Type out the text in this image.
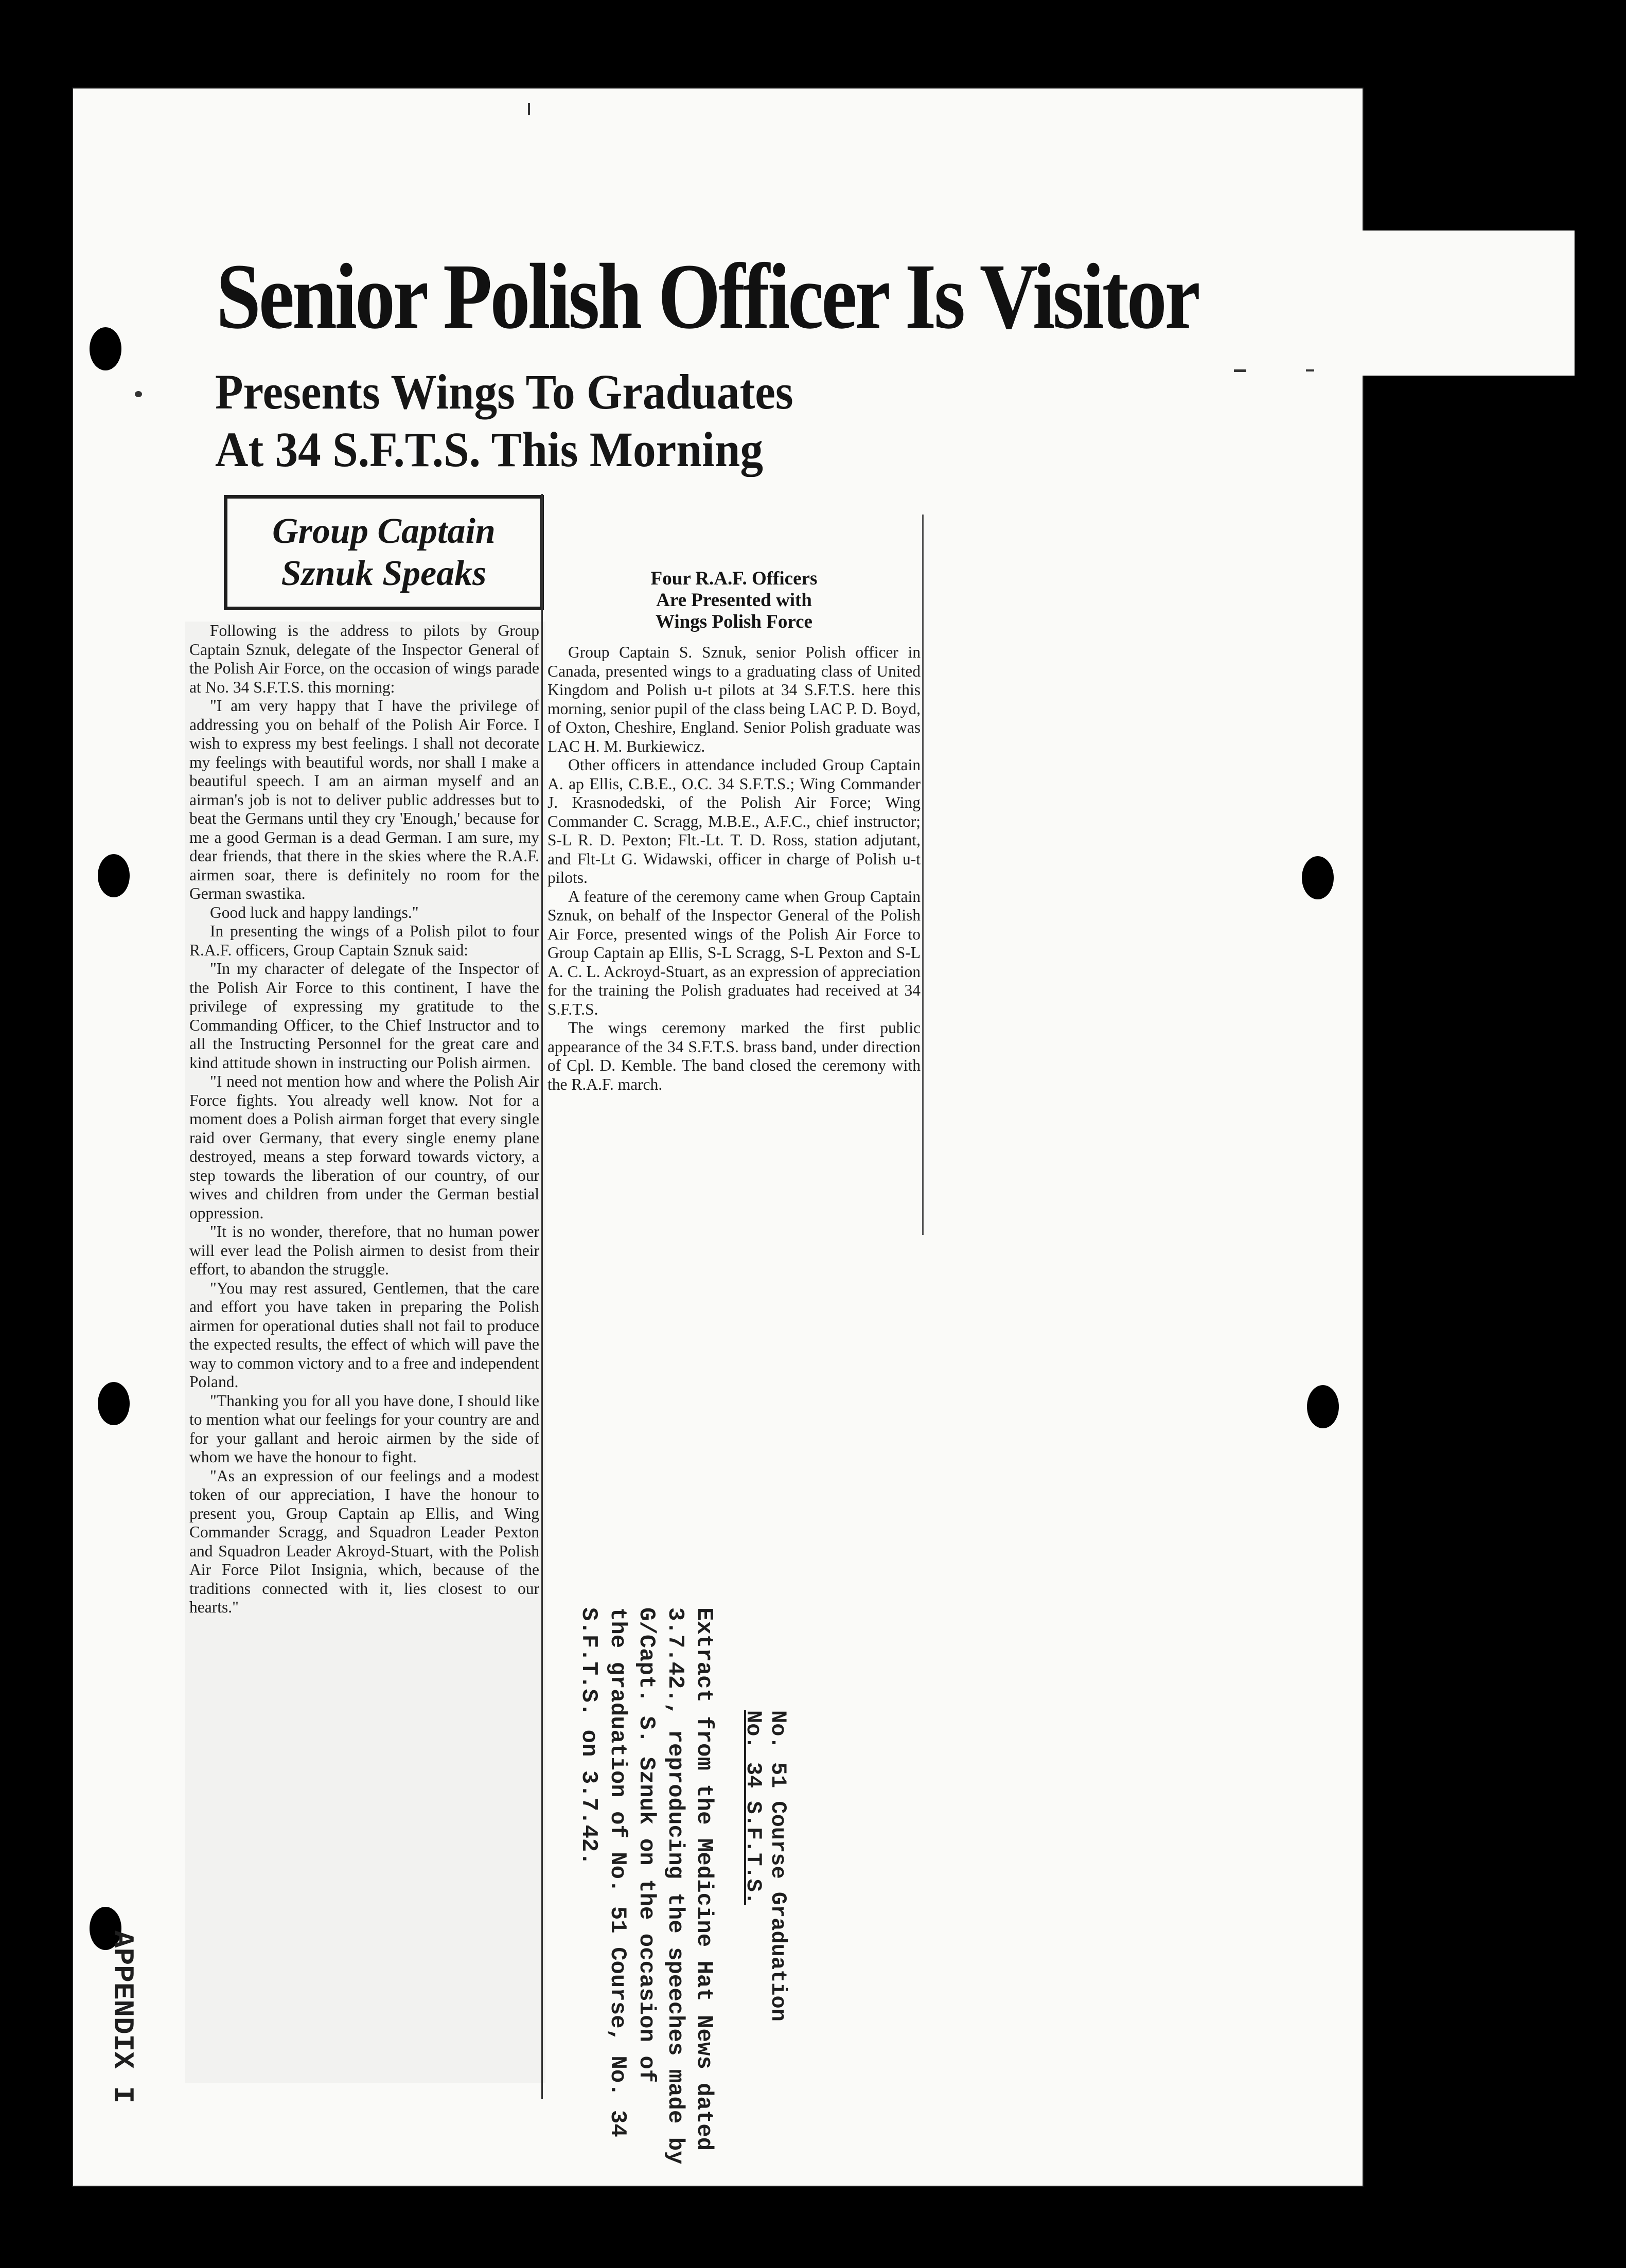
Senior Polish Officer Is Visitor
Presents Wings To Graduates
At 34 S.F.T.S. This Morning
Group Captain
Sznuk Speaks

Following is the address to pilots by Group Captain Sznuk, delegate of the Inspector General of the Polish Air Force, on the occasion of wings parade at No. 34 S.F.T.S. this morning:

"I am very happy that I have the privilege of addressing you on behalf of the Polish Air Force. I wish to express my best feelings. I shall not decorate my feelings with beautiful words, nor shall I make a beautiful speech. I am an airman myself and an airman's job is not to deliver public addresses but to beat the Germans until they cry 'Enough,' because for me a good German is a dead German. I am sure, my dear friends, that there in the skies where the R.A.F. airmen soar, there is definitely no room for the German swastika.

Good luck and happy landings."

In presenting the wings of a Polish pilot to four R.A.F. officers, Group Captain Sznuk said:

"In my character of delegate of the Inspector of the Polish Air Force to this continent, I have the privilege of expressing my gratitude to the Commanding Officer, to the Chief Instructor and to all the Instructing Personnel for the great care and kind attitude shown in instructing our Polish airmen.

"I need not mention how and where the Polish Air Force fights. You already well know. Not for a moment does a Polish airman forget that every single raid over Germany, that every single enemy plane destroyed, means a step forward towards victory, a step towards the liberation of our country, of our wives and children from under the German bestial oppression.

"It is no wonder, therefore, that no human power will ever lead the Polish airmen to desist from their effort, to abandon the struggle.

"You may rest assured, Gentlemen, that the care and effort you have taken in preparing the Polish airmen for operational duties shall not fail to produce the expected results, the effect of which will pave the way to common victory and to a free and independent Poland.

"Thanking you for all you have done, I should like to mention what our feelings for your country are and for your gallant and heroic airmen by the side of whom we have the honour to fight.

"As an expression of our feelings and a modest token of our appreciation, I have the honour to present you, Group Captain ap Ellis, and Wing Commander Scragg, and Squadron Leader Pexton and Squadron Leader Akroyd-Stuart, with the Polish Air Force Pilot Insignia, which, because of the traditions connected with it, lies closest to our hearts."

Four R.A.F. Officers
Are Presented with
Wings Polish Force

Group Captain S. Sznuk, senior Polish officer in Canada, presented wings to a graduating class of United Kingdom and Polish u-t pilots at 34 S.F.T.S. here this morning, senior pupil of the class being LAC P. D. Boyd, of Oxton, Cheshire, England. Senior Polish graduate was LAC H. M. Burkiewicz.

Other officers in attendance included Group Captain A. ap Ellis, C.B.E., O.C. 34 S.F.T.S.; Wing Commander J. Krasnodedski, of the Polish Air Force; Wing Commander C. Scragg, M.B.E., A.F.C., chief instructor; S-L R. D. Pexton; Flt.-Lt. T. D. Ross, station adjutant, and Flt-Lt G. Widawski, officer in charge of Polish u-t pilots.

A feature of the ceremony came when Group Captain Sznuk, on behalf of the Inspector General of the Polish Air Force, presented wings of the Polish Air Force to Group Captain ap Ellis, S-L Scragg, S-L Pexton and S-L A. C. L. Ackroyd-Stuart, as an expression of appreciation for the training the Polish graduates had received at 34 S.F.T.S.

The wings ceremony marked the first public appearance of the 34 S.F.T.S. brass band, under direction of Cpl. D. Kemble. The band closed the ceremony with the R.A.F. march.

APPENDIX I	No. 51 Course Graduation
No. 34 S.F.T.S.
Extract from the Medicine Hat News dated
3.7.42., reproducing the speeches made by
G/Capt. S. Sznuk on the occasion of
the graduation of No. 51 Course, No. 34
S.F.T.S. on 3.7.42.
